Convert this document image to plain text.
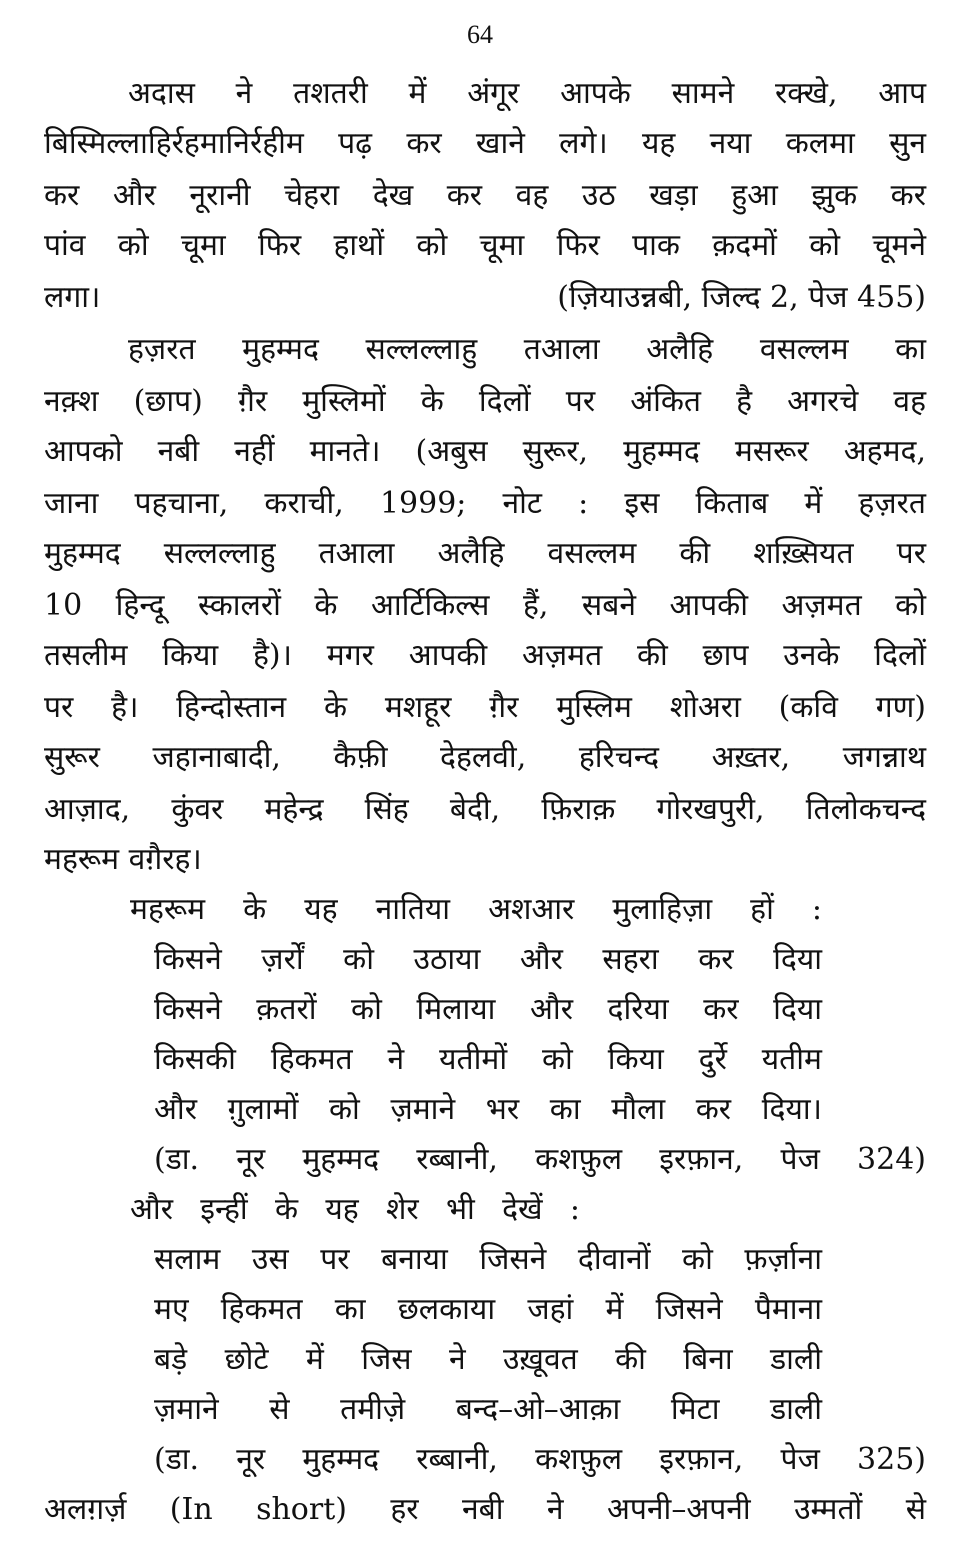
64
अदास ने तशतरी में अंगूर आपके सामने रक्खे, आप
बिस्मिल्लाहिर्रहमानिर्रहीम पढ़ कर खाने लगे। यह नया कलमा सुन
कर और नूरानी चेहरा देख कर वह उठ खड़ा हुआ झुक कर
पांव को चूमा फिर हाथों को चूमा फिर पाक क़दमों को चूमने
लगा।	(ज़ियाउन्नबी, जिल्द 2, पेज 455)
हज़रत मुहम्मद सल्लल्लाहु तआला अलैहि वसल्लम का
नक़्श (छाप) ग़ैर मुस्लिमों के दिलों पर अंकित है अगरचे वह
आपको नबी नहीं मानते। (अबुस सुरूर, मुहम्मद मसरूर अहमद,
जाना पहचाना, कराची, 1999; नोट : इस किताब में हज़रत
मुहम्मद सल्लल्लाहु तआला अलैहि वसल्लम की शख़्सियत पर
10 हिन्दू स्कालरों के आर्टिकिल्स हैं, सबने आपकी अज़मत को
तसलीम किया है)। मगर आपकी अज़मत की छाप उनके दिलों
पर है। हिन्दोस्तान के मशहूर ग़ैर मुस्लिम शोअरा (कवि गण)
सुरूर जहानाबादी, कैफ़ी देहलवी, हरिचन्द अख़्तर, जगन्नाथ
आज़ाद, कुंवर महेन्द्र सिंह बेदी, फ़िराक़ गोरखपुरी, तिलोकचन्द
महरूम वग़ैरह।
महरूम के यह नातिया अशआर मुलाहिज़ा हों :
किसने ज़र्रों को उठाया और सहरा कर दिया
किसने क़तरों को मिलाया और दरिया कर दिया
किसकी हिकमत ने यतीमों को किया दुर्रे यतीम
और ग़ुलामों को ज़माने भर का मौला कर दिया।
(डा. नूर मुहम्मद रब्बानी, कशफ़ुल इरफ़ान, पेज 324)
और इन्हीं के यह शेर भी देखें :
सलाम उस पर बनाया जिसने दीवानों को फ़र्ज़ाना
मए हिकमत का छलकाया जहां में जिसने पैमाना
बड़े छोटे में जिस ने उख़ूवत की बिना डाली
ज़माने से तमीज़े बन्द–ओ–आक़ा मिटा डाली
(डा. नूर मुहम्मद रब्बानी, कशफ़ुल इरफ़ान, पेज 325)
अलग़र्ज़ (In short) हर नबी ने अपनी–अपनी उम्मतों से
